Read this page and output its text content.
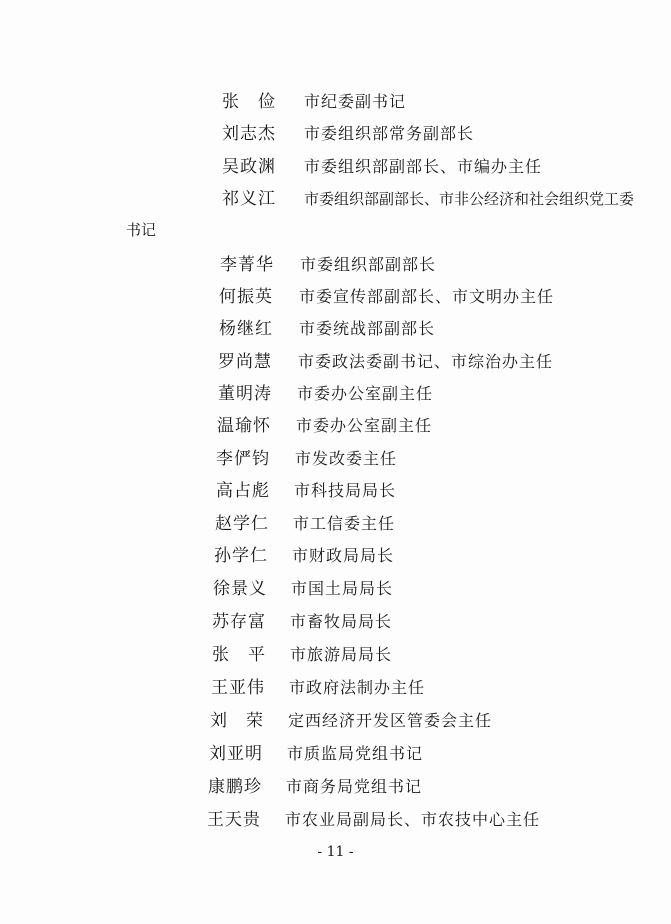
张　俭 市纪委副书记
刘志杰 市委组织部常务副部长
吴政渊 市委组织部副部长、市编办主任
祁义江 市委组织部副部长、市非公经济和社会组织党工委
书记
李菁华 市委组织部副部长
何振英 市委宣传部副部长、市文明办主任
杨继红 市委统战部副部长
罗尚慧 市委政法委副书记、市综治办主任
董明涛 市委办公室副主任
温瑜怀 市委办公室副主任
李俨钧 市发改委主任
高占彪 市科技局局长
赵学仁 市工信委主任
孙学仁 市财政局局长
徐景义 市国土局局长
苏存富 市畜牧局局长
张　平 市旅游局局长
王亚伟 市政府法制办主任
刘　荣 定西经济开发区管委会主任
刘亚明 市质监局党组书记
康鹏珍 市商务局党组书记
王天贵 市农业局副局长、市农技中心主任
- 11 -
